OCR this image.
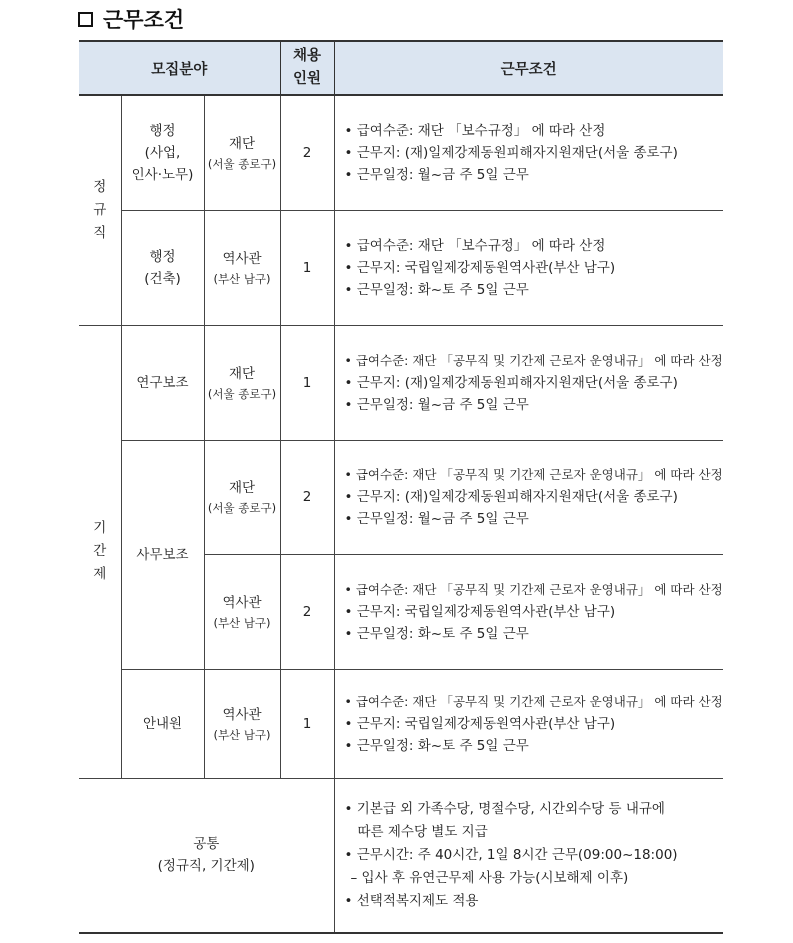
근무조건
모집분야			채용
인원	근무조건

정
규
직	행정
(사업,
인사·노무)	재단
(서울 종로구)	2	• 급여수준: 재단 「보수규정」 에 따라 산정
• 근무지: (재)일제강제동원피해자지원재단(서울 종로구)
• 근무일정: 월~금 주 5일 근무

	행정
(건축)	역사관
(부산 남구)	1	• 급여수준: 재단 「보수규정」 에 따라 산정
• 근무지: 국립일제강제동원역사관(부산 남구)
• 근무일정: 화~토 주 5일 근무

기
간
제	연구보조	재단
(서울 종로구)	1	• 급여수준: 재단 「공무직 및 기간제 근로자 운영내규」 에 따라 산정
• 근무지: (재)일제강제동원피해자지원재단(서울 종로구)
• 근무일정: 월~금 주 5일 근무

	사무보조	재단
(서울 종로구)	2	• 급여수준: 재단 「공무직 및 기간제 근로자 운영내규」 에 따라 산정
• 근무지: (재)일제강제동원피해자지원재단(서울 종로구)
• 근무일정: 월~금 주 5일 근무

		역사관
(부산 남구)	2	• 급여수준: 재단 「공무직 및 기간제 근로자 운영내규」 에 따라 산정
• 근무지: 국립일제강제동원역사관(부산 남구)
• 근무일정: 화~토 주 5일 근무

	안내원	역사관
(부산 남구)	1	• 급여수준: 재단 「공무직 및 기간제 근로자 운영내규」 에 따라 산정
• 근무지: 국립일제강제동원역사관(부산 남구)
• 근무일정: 화~토 주 5일 근무

공통
(정규직, 기간제)				• 기본급 외 가족수당, 명절수당, 시간외수당 등 내규에
따른 제수당 별도 지급
• 근무시간: 주 40시간, 1일 8시간 근무(09:00~18:00)
– 입사 후 유연근무제 사용 가능(시보해제 이후)
• 선택적복지제도 적용
